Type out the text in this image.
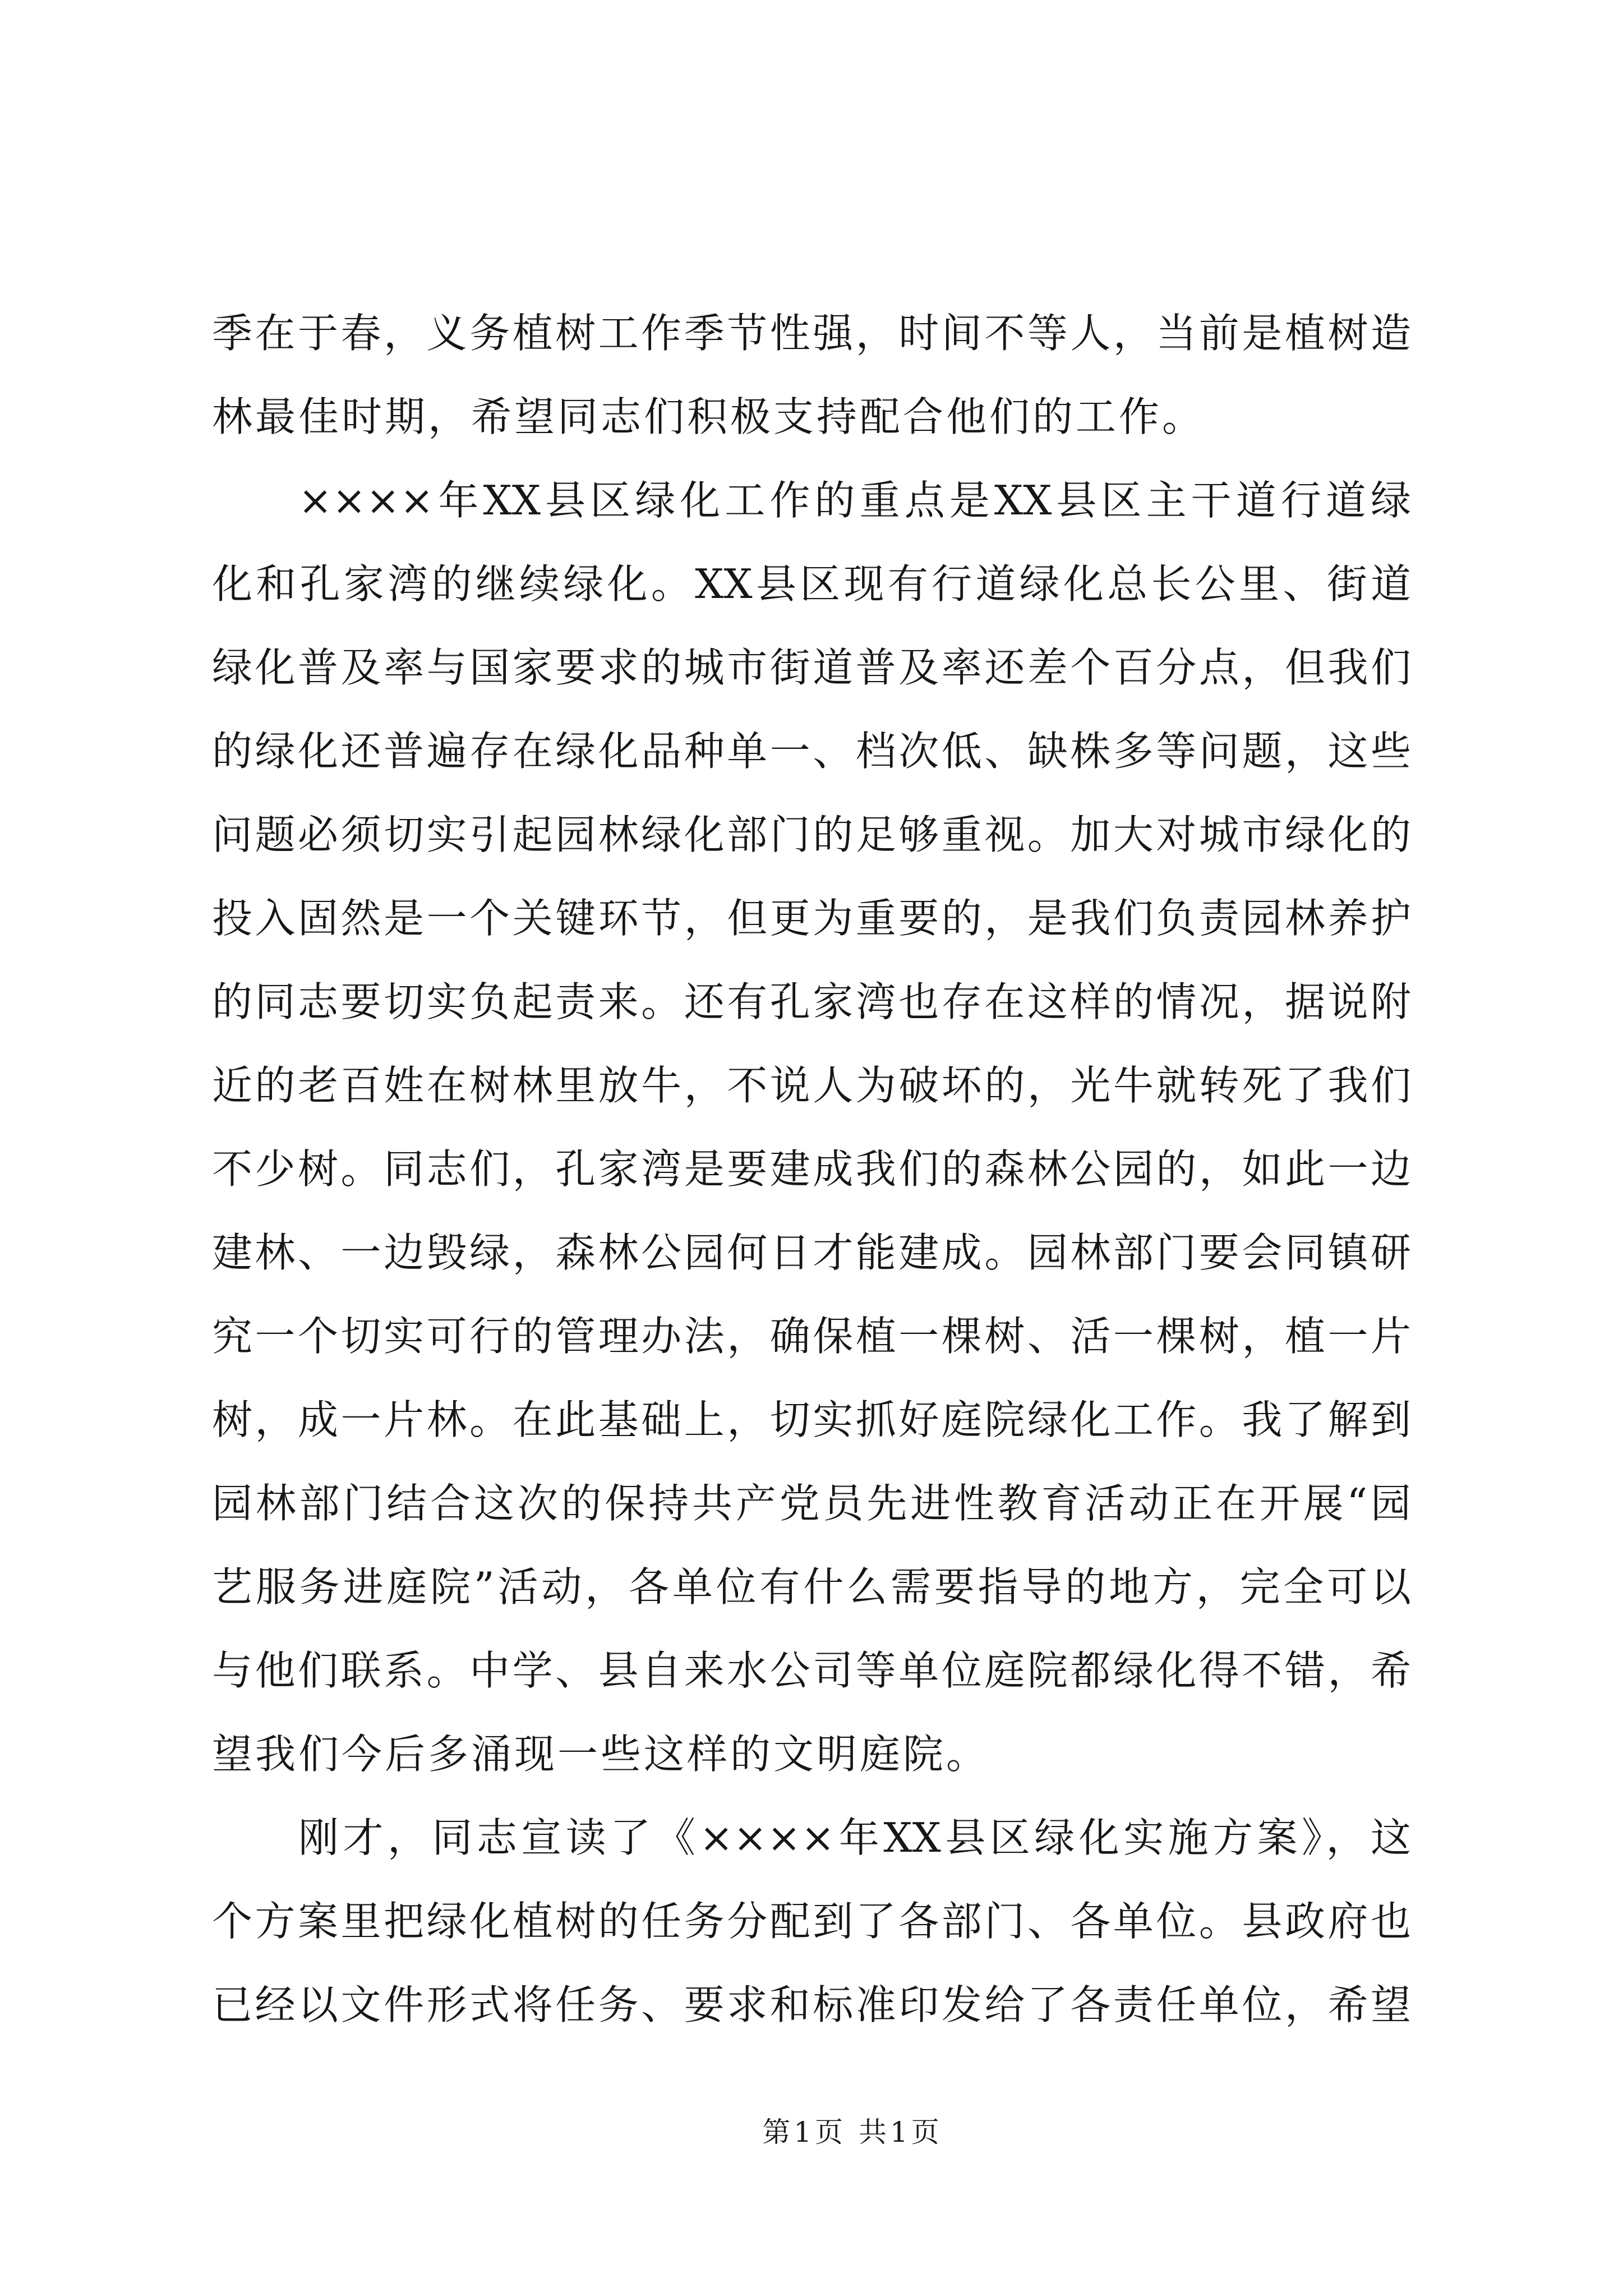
季在于春，义务植树工作季节性强，时间不等人，当前是植树造
林最佳时期，希望同志们积极支持配合他们的工作。
××××年XX县区绿化工作的重点是XX县区主干道行道绿
化和孔家湾的继续绿化。XX县区现有行道绿化总长公里、街道
绿化普及率与国家要求的城市街道普及率还差个百分点，但我们
的绿化还普遍存在绿化品种单一、档次低、缺株多等问题，这些
问题必须切实引起园林绿化部门的足够重视。加大对城市绿化的
投入固然是一个关键环节，但更为重要的，是我们负责园林养护
的同志要切实负起责来。还有孔家湾也存在这样的情况，据说附
近的老百姓在树林里放牛，不说人为破坏的，光牛就转死了我们
不少树。同志们，孔家湾是要建成我们的森林公园的，如此一边
建林、一边毁绿，森林公园何日才能建成。园林部门要会同镇研
究一个切实可行的管理办法，确保植一棵树、活一棵树，植一片
树，成一片林。在此基础上，切实抓好庭院绿化工作。我了解到
园林部门结合这次的保持共产党员先进性教育活动正在开展“园
艺服务进庭院”活动，各单位有什么需要指导的地方，完全可以
与他们联系。中学、县自来水公司等单位庭院都绿化得不错，希
望我们今后多涌现一些这样的文明庭院。
刚才，同志宣读了《××××年XX县区绿化实施方案》，这
个方案里把绿化植树的任务分配到了各部门、各单位。县政府也
已经以文件形式将任务、要求和标准印发给了各责任单位，希望
第1页 共1页
